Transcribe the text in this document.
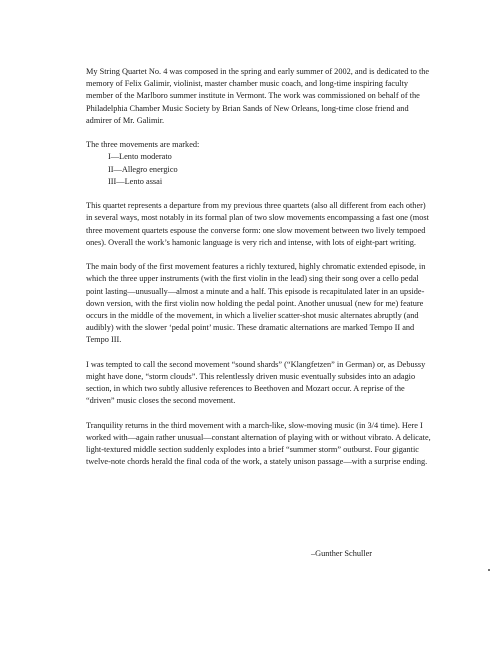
My String Quartet No. 4 was composed in the spring and early summer of 2002, and is dedicated to the memory of Felix Galimir, violinist, master chamber music coach, and long-time inspiring faculty member of the Marlboro summer institute in Vermont. The work was commissioned on behalf of the Philadelphia Chamber Music Society by Brian Sands of New Orleans, long-time close friend and admirer of Mr. Galimir.

The three movements are marked:

I—Lento moderato
II—Allegro energico
III—Lento assai

This quartet represents a departure from my previous three quartets (also all different from each other) in several ways, most notably in its formal plan of two slow movements encompassing a fast one (most three movement quartets espouse the converse form: one slow movement between two lively tempoed ones). Overall the work’s hamonic language is very rich and intense, with lots of eight-part writing.

The main body of the first movement features a richly textured, highly chromatic extended episode, in which the three upper instruments (with the first violin in the lead) sing their song over a cello pedal point lasting—unusually—almost a minute and a half. This episode is recapitulated later in an upside-down version, with the first violin now holding the pedal point. Another unusual (new for me) feature occurs in the middle of the movement, in which a livelier scatter-shot music alternates abruptly (and audibly) with the slower ‘pedal point’ music. These dramatic alternations are marked Tempo II and Tempo III.

I was tempted to call the second movement “sound shards” (“Klangfetzen” in German) or, as Debussy might have done, “storm clouds”. This relentlessly driven music eventually subsides into an adagio section, in which two subtly allusive references to Beethoven and Mozart occur. A reprise of the “driven” music closes the second movement.

Tranquility returns in the third movement with a march-like, slow-moving music (in 3/4 time). Here I worked with—again rather unusual—constant alternation of playing with or without vibrato. A delicate, light-textured middle section suddenly explodes into a brief “summer storm” outburst. Four gigantic twelve-note chords herald the final coda of the work, a stately unison passage—with a surprise ending.

–Gunther Schuller
